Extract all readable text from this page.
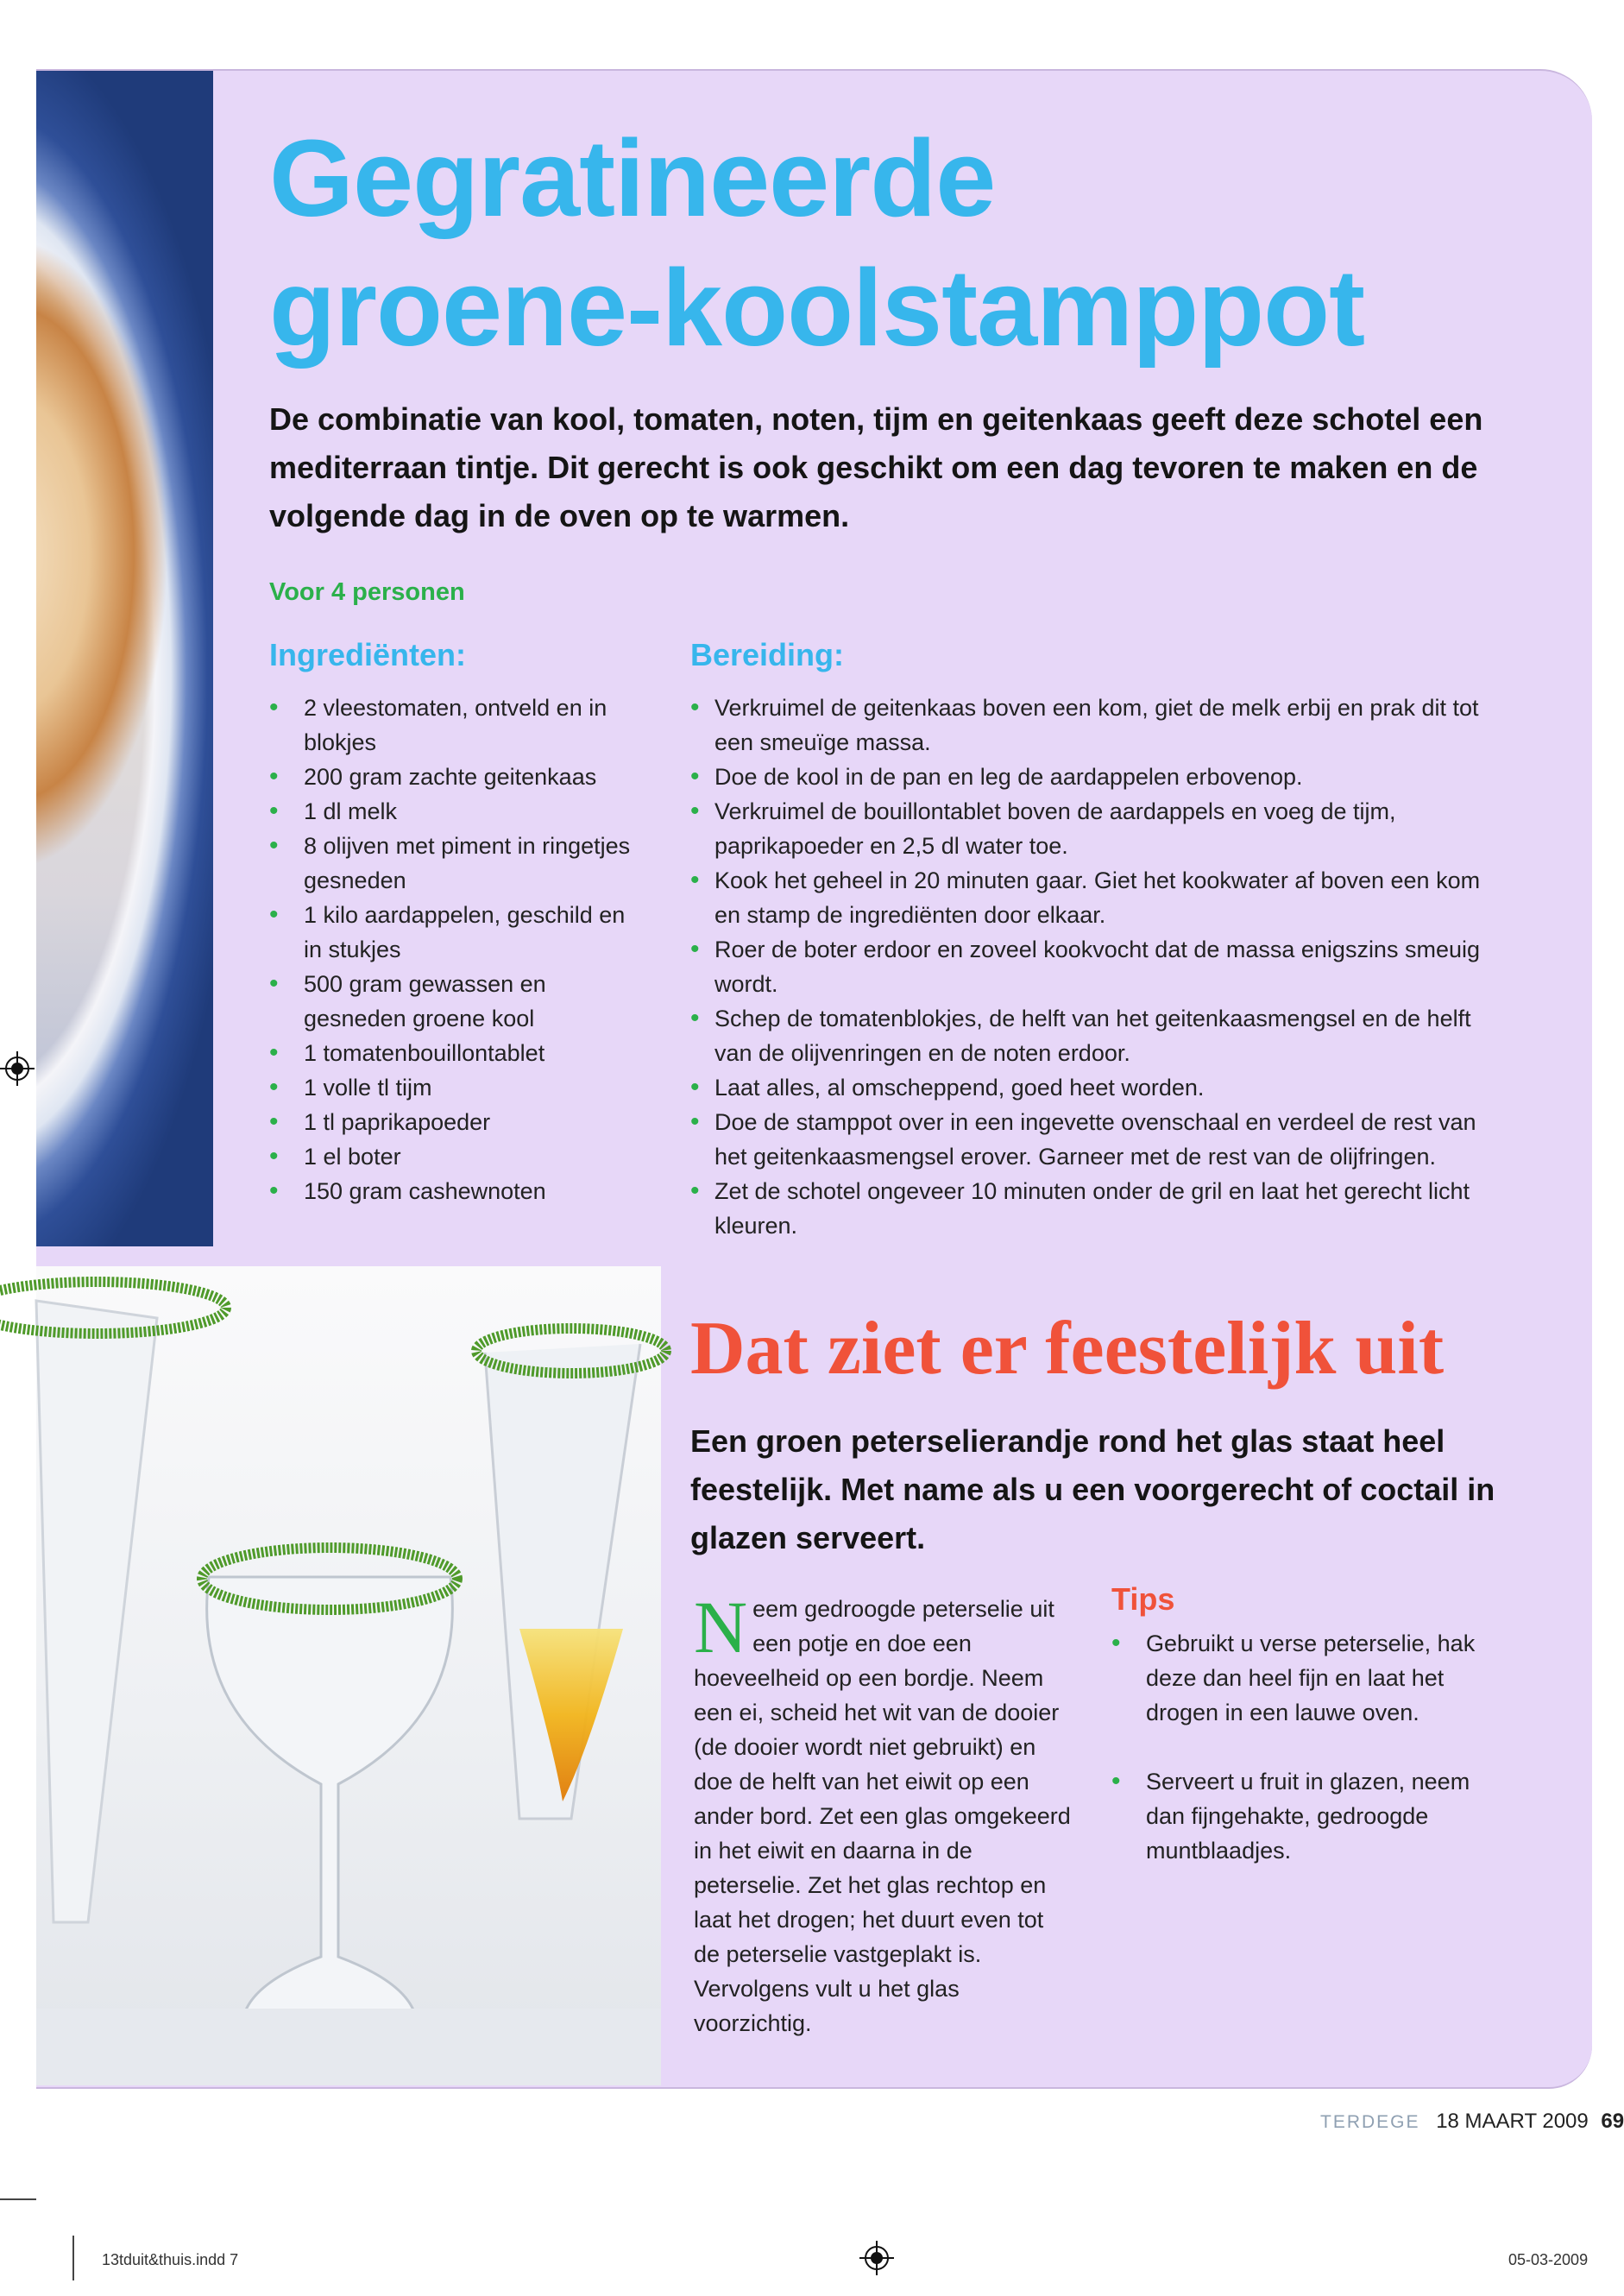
Gegratineerde
groene-koolstamppot

De combinatie van kool, tomaten, noten, tijm en geitenkaas geeft deze schotel een mediterraan tintje. Dit gerecht is ook geschikt om een dag tevoren te maken en de volgende dag in de oven op te warmen.

Voor 4 personen

Ingrediënten:	Bereiding:

• 2 vleestomaten, ontveld en in blokjes
• 200 gram zachte geitenkaas
• 1 dl melk
• 8 olijven met piment in ringetjes gesneden
• 1 kilo aardappelen, geschild en in stukjes
• 500 gram gewassen en gesneden groene kool
• 1 tomatenbouillontablet
• 1 volle tl tijm
• 1 tl paprikapoeder
• 1 el boter
• 150 gram cashewnoten
• Verkruimel de geitenkaas boven een kom, giet de melk erbij en prak dit tot een smeuïge massa.
• Doe de kool in de pan en leg de aardappelen erbovenop.
• Verkruimel de bouillontablet boven de aardappels en voeg de tijm, paprikapoeder en 2,5 dl water toe.
• Kook het geheel in 20 minuten gaar. Giet het kookwater af boven een kom en stamp de ingrediënten door elkaar.
• Roer de boter erdoor en zoveel kookvocht dat de massa enigszins smeuig wordt.
• Schep de tomatenblokjes, de helft van het geitenkaasmengsel en de helft van de olijvenringen en de noten erdoor.
• Laat alles, al omscheppend, goed heet worden.
• Doe de stamppot over in een ingevette ovenschaal en verdeel de rest van het geitenkaasmengsel erover. Garneer met de rest van de olijfringen.
• Zet de schotel ongeveer 10 minuten onder de gril en laat het gerecht licht kleuren.
Dat ziet er feestelijk uit

Een groen peterselierandje rond het glas staat heel feestelijk. Met name als u een voorgerecht of coctail in glazen serveert.

Neem gedroogde peterselie uit een potje en doe een hoeveelheid op een bordje. Neem een ei, scheid het wit van de dooier (de dooier wordt niet gebruikt) en doe de helft van het eiwit op een ander bord. Zet een glas omgekeerd in het eiwit en daarna in de peterselie. Zet het glas rechtop en laat het drogen; het duurt even tot de peterselie vastgeplakt is. Vervolgens vult u het glas voorzichtig.

Tips

• Gebruikt u verse peterselie, hak deze dan heel fijn en laat het drogen in een lauwe oven.
• Serveert u fruit in glazen, neem dan fijngehakte, gedroogde muntblaadjes.
TERDEGE 18 MAART 2009 69
13tduit&thuis.indd 7	05-03-2009
